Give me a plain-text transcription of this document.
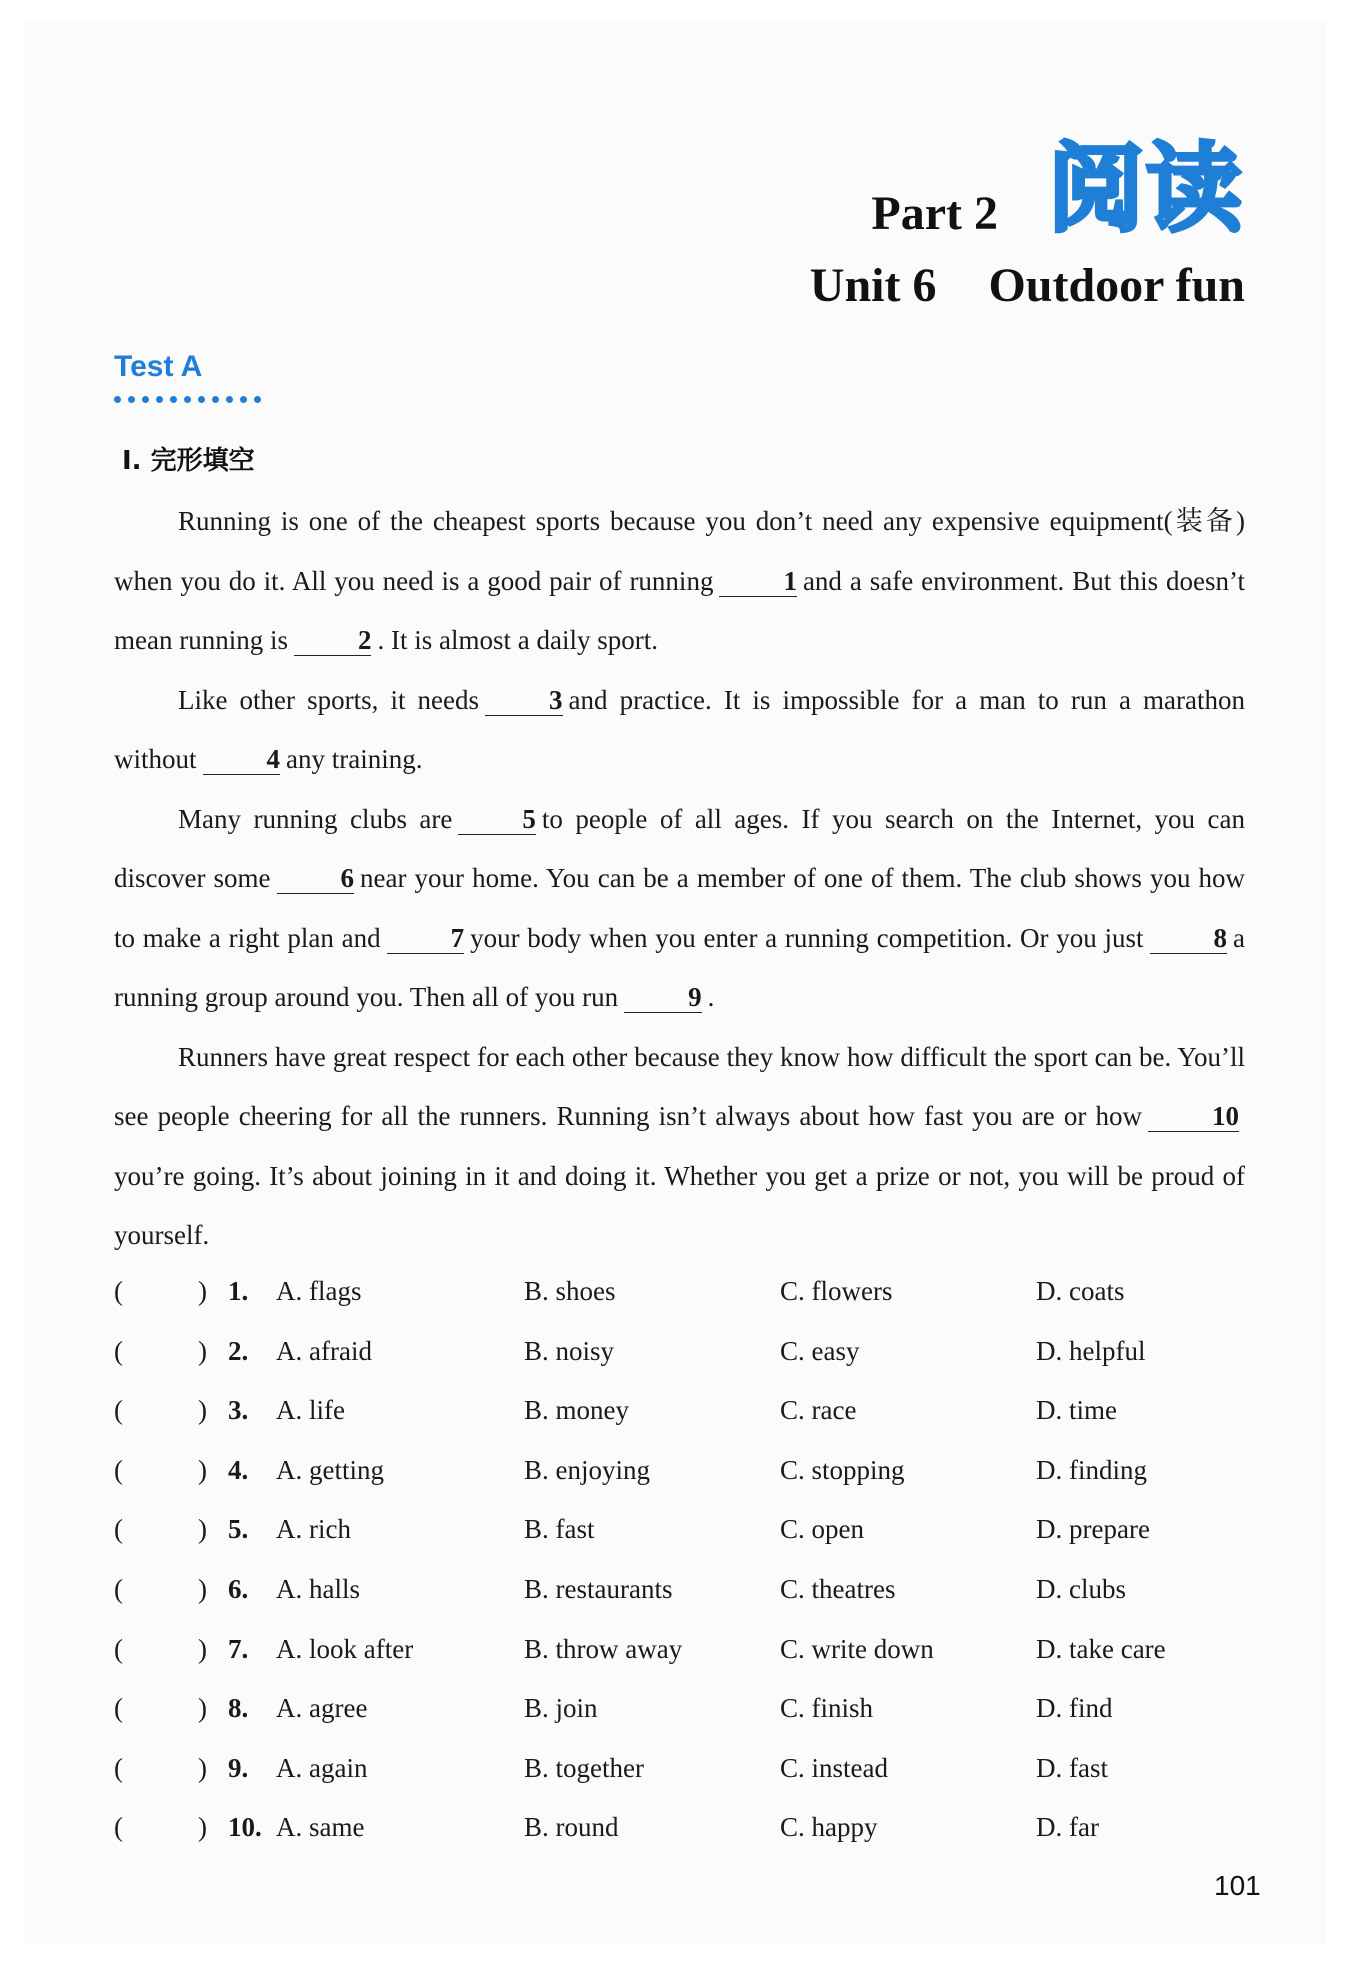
Part 2 阅读
Unit 6 Outdoor fun
Test A
Ⅰ. 完形填空

Running is one of the cheapest sports because you don’t need any expensive equipment(装备) when you do it. All you need is a good pair of running	1 and a safe environment. But this doesn’t mean running is	2 . It is almost a daily sport.

Like other sports, it needs	3 and practice. It is impossible for a man to run a marathon without	4 any training.

Many running clubs are	5 to people of all ages. If you search on the Internet, you can discover some	6 near your home. You can be a member of one of them. The club shows you how to make a right plan and	7 your body when you enter a running competition. Or you just	8 a running group around you. Then all of you run	9 .

Runners have great respect for each other because they know how difficult the sport can be. You’ll see people cheering for all the runners. Running isn’t always about how fast you are or how	10you’re going. It’s about joining in it and doing it. Whether you get a prize or not, you will be proud of yourself.

(	) 1. A. flags	B. shoes	C. flowers	D. coats
(	) 2. A. afraid	B. noisy	C. easy	D. helpful
(	) 3. A. life	B. money	C. race	D. time
(	) 4. A. getting	B. enjoying	C. stopping	D. finding
(	) 5. A. rich	B. fast	C. open	D. prepare
(	) 6. A. halls	B. restaurants	C. theatres	D. clubs
(	) 7. A. look after	B. throw away	C. write down	D. take care
(	) 8. A. agree	B. join	C. finish	D. find
(	) 9. A. again	B. together	C. instead	D. fast
(	) 10. A. same	B. round	C. happy	D. far
101
